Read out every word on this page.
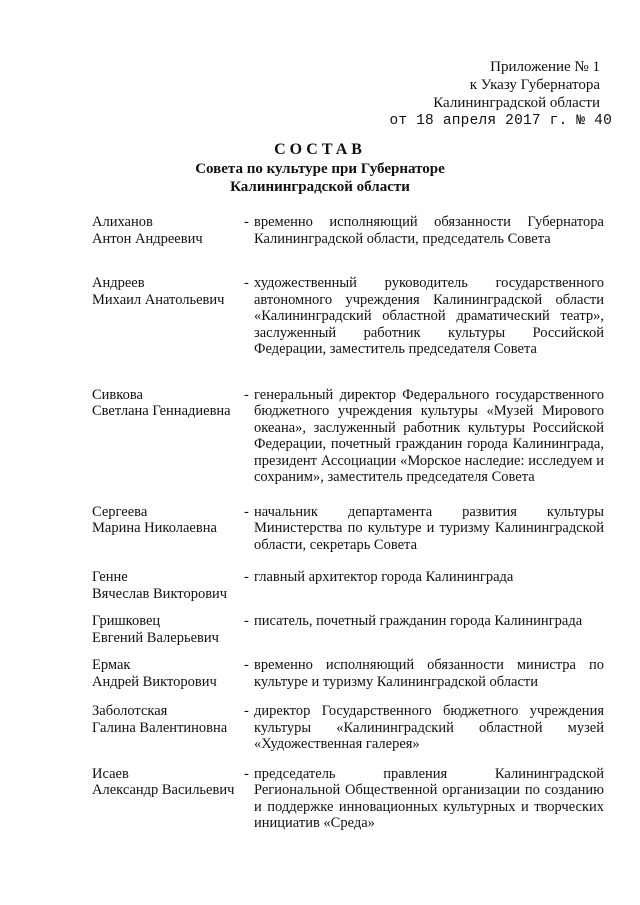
Приложение № 1
к Указу Губернатора
Калининградской области
от 18 апреля 2017 г. № 40
СОСТАВ
Совета по культуре при Губернаторе
Калининградской области
Алиханов
Антон Андреевич
- временно исполняющий обязанности Губернатора Калининградской области, председатель Совета
Андреев
Михаил Анатольевич
- художественный руководитель государственного автономного учреждения Калининградской области «Калининградский областной драматический театр», заслуженный работник культуры Российской Федерации, заместитель председателя Совета
Сивкова
Светлана Геннадиевна
- генеральный директор Федерального государственного бюджетного учреждения культуры «Музей Мирового океана», заслуженный работник культуры Российской Федерации, почетный гражданин города Калининграда, президент Ассоциации «Морское наследие: исследуем и сохраним», заместитель председателя Совета
Сергеева
Марина Николаевна
- начальник департамента развития культуры Министерства по культуре и туризму Калининградской области, секретарь Совета
Генне
Вячеслав Викторович
- главный архитектор города Калининграда
Гришковец
Евгений Валерьевич
- писатель, почетный гражданин города Калининграда
Ермак
Андрей Викторович
- временно исполняющий обязанности министра по культуре и туризму Калининградской области
Заболотская
Галина Валентиновна
- директор Государственного бюджетного учреждения культуры «Калининградский областной музей «Художественная галерея»
Исаев
Александр Васильевич
- председатель правления Калининградской Региональной Общественной организации по созданию и поддержке инновационных культурных и творческих инициатив «Среда»
